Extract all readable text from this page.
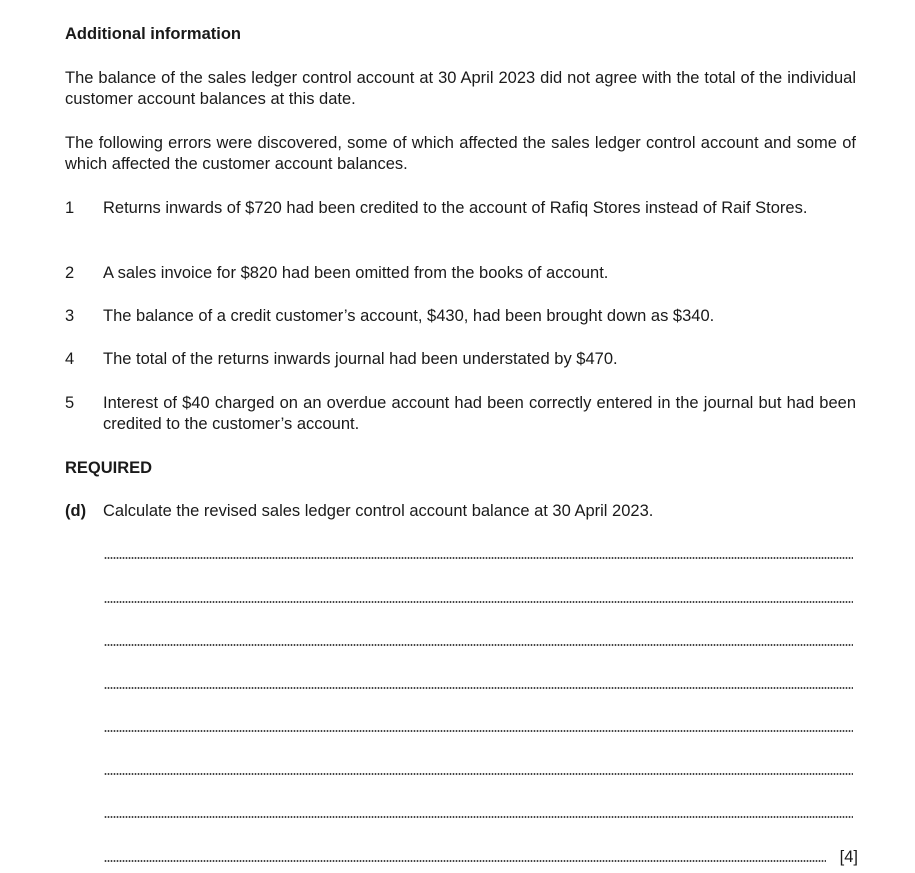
Additional information
The balance of the sales ledger control account at 30 April 2023 did not agree with the total of the individual customer account balances at this date.
The following errors were discovered, some of which affected the sales ledger control account and some of which affected the customer account balances.
1	Returns inwards of $720 had been credited to the account of Rafiq Stores instead of Raif Stores.
2	A sales invoice for $820 had been omitted from the books of account.
3	The balance of a credit customer’s account, $430, had been brought down as $340.
4	The total of the returns inwards journal had been understated by $470.
5	Interest of $40 charged on an overdue account had been correctly entered in the journal but had been credited to the customer’s account.
REQUIRED
(d) Calculate the revised sales ledger control account balance at 30 April 2023.
[4]
